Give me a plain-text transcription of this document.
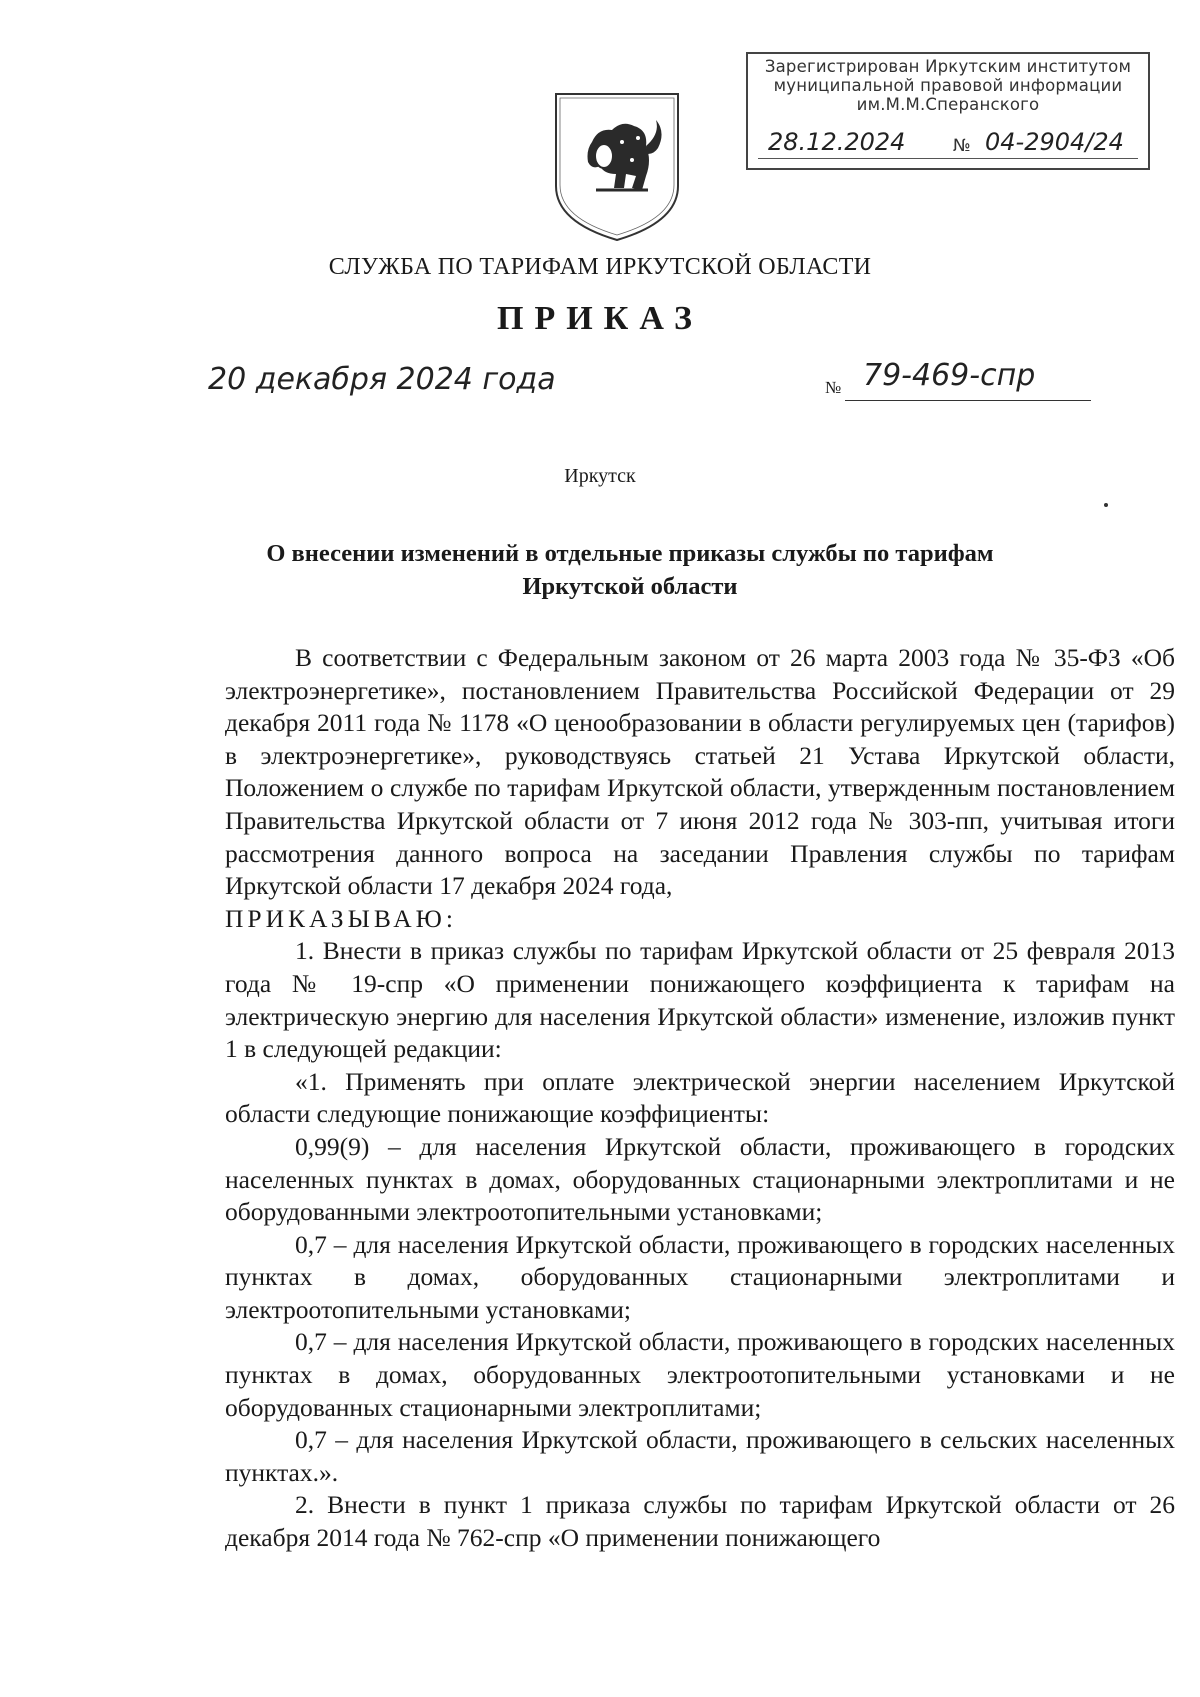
Зарегистрирован Иркутским институтом
муниципальной правовой информации
им.М.М.Сперанского
28.12.2024	№ 04-2904/24
СЛУЖБА ПО ТАРИФАМ ИРКУТСКОЙ ОБЛАСТИ
ПРИКАЗ
20 декабря 2024 года	№ 79-469-спр
Иркутск
О внесении изменений в отдельные приказы службы по тарифам
Иркутской области

В соответствии с Федеральным законом от 26 марта 2003 года № 35-ФЗ «Об электроэнергетике», постановлением Правительства Российской Федерации от 29 декабря 2011 года № 1178 «О ценообразовании в области регулируемых цен (тарифов) в электроэнергетике», руководствуясь статьей 21 Устава Иркутской области, Положением о службе по тарифам Иркутской области, утвержденным постановлением Правительства Иркутской области от 7 июня 2012 года № 303-пп, учитывая итоги рассмотрения данного вопроса на заседании Правления службы по тарифам Иркутской области 17 декабря 2024 года,

ПРИКАЗЫВАЮ:

1. Внести в приказ службы по тарифам Иркутской области от 25 февраля 2013 года № 19-спр «О применении понижающего коэффициента к тарифам на электрическую энергию для населения Иркутской области» изменение, изложив пункт 1 в следующей редакции:

«1. Применять при оплате электрической энергии населением Иркутской области следующие понижающие коэффициенты:

0,99(9) – для населения Иркутской области, проживающего в городских населенных пунктах в домах, оборудованных стационарными электроплитами и не оборудованными электроотопительными установками;

0,7 – для населения Иркутской области, проживающего в городских населенных пунктах в домах, оборудованных стационарными электроплитами и электроотопительными установками;

0,7 – для населения Иркутской области, проживающего в городских населенных пунктах в домах, оборудованных электроотопительными установками и не оборудованных стационарными электроплитами;

0,7 – для населения Иркутской области, проживающего в сельских населенных пунктах.».

2. Внести в пункт 1 приказа службы по тарифам Иркутской области от 26 декабря 2014 года № 762-спр «О применении понижающего
